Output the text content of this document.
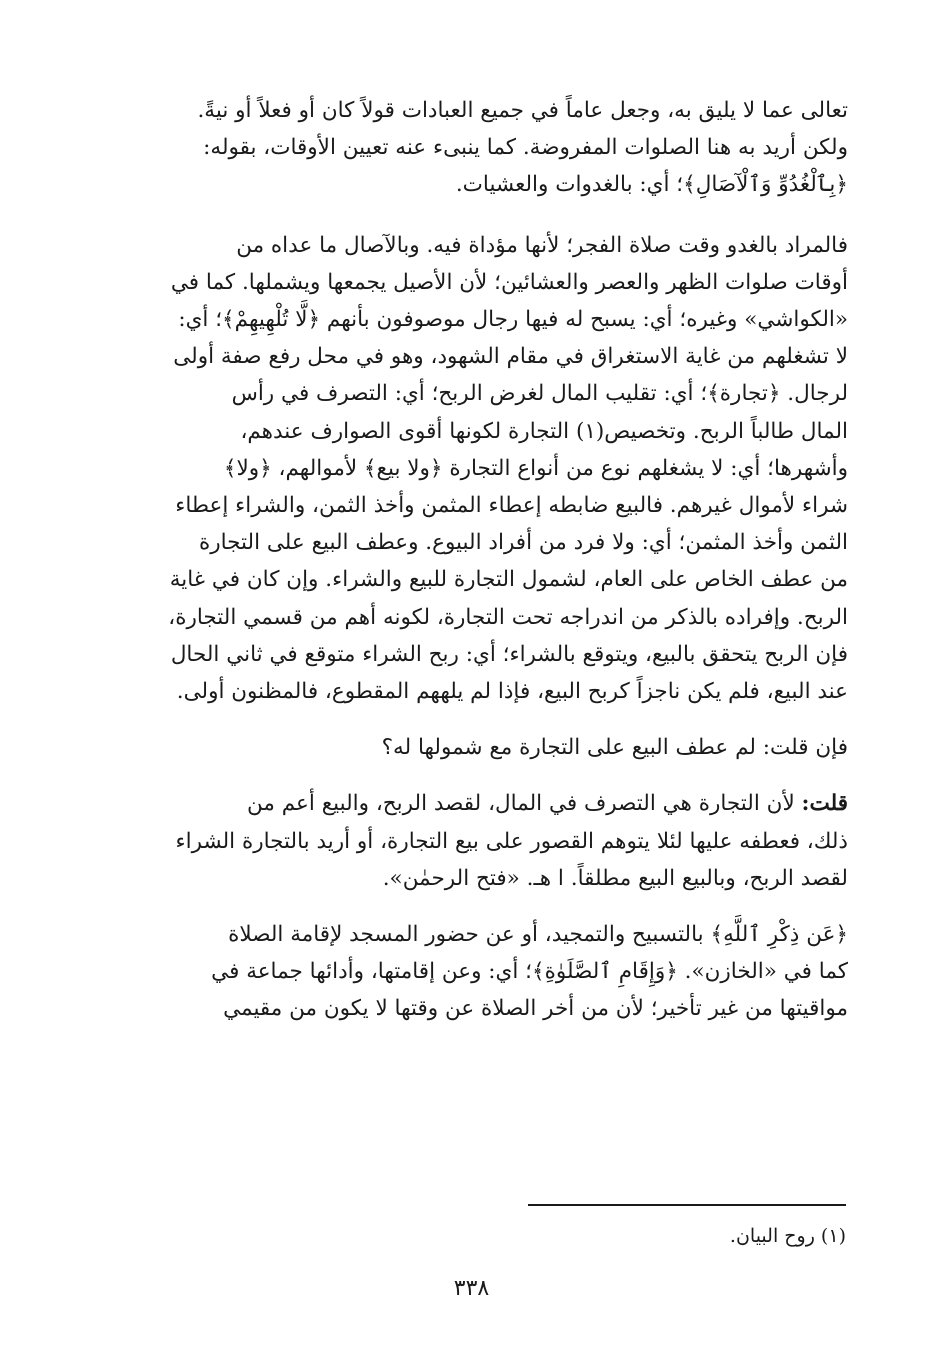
تعالى عما لا يليق به، وجعل عاماً في جميع العبادات قولاً كان أو فعلاً أو نيةً.
ولكن أريد به هنا الصلوات المفروضة. كما ينبىء عنه تعيين الأوقات، بقوله:
﴿بِٱلْغُدُوِّ وَٱلْآصَالِ﴾؛ أي: بالغدوات والعشيات.

فالمراد بالغدو وقت صلاة الفجر؛ لأنها مؤداة فيه. وبالآصال ما عداه من
أوقات صلوات الظهر والعصر والعشائين؛ لأن الأصيل يجمعها ويشملها. كما في
«الكواشي» وغيره؛ أي: يسبح له فيها رجال موصوفون بأنهم ﴿لَّا تُلْهِيهِمْ﴾؛ أي:
لا تشغلهم من غاية الاستغراق في مقام الشهود، وهو في محل رفع صفة أولى
لرجال. ﴿تجارة﴾؛ أي: تقليب المال لغرض الربح؛ أي: التصرف في رأس
المال طالباً الربح. وتخصيص(١) التجارة لكونها أقوى الصوارف عندهم،
وأشهرها؛ أي: لا يشغلهم نوع من أنواع التجارة ﴿ولا بيع﴾ لأموالهم، ﴿ولا﴾
شراء لأموال غيرهم. فالبيع ضابطه إعطاء المثمن وأخذ الثمن، والشراء إعطاء
الثمن وأخذ المثمن؛ أي: ولا فرد من أفراد البيوع. وعطف البيع على التجارة
من عطف الخاص على العام، لشمول التجارة للبيع والشراء. وإن كان في غاية
الربح. وإفراده بالذكر من اندراجه تحت التجارة، لكونه أهم من قسمي التجارة،
فإن الربح يتحقق بالبيع، ويتوقع بالشراء؛ أي: ربح الشراء متوقع في ثاني الحال
عند البيع، فلم يكن ناجزاً كربح البيع، فإذا لم يلههم المقطوع، فالمظنون أولى.

فإن قلت: لم عطف البيع على التجارة مع شمولها له؟

قلت: لأن التجارة هي التصرف في المال، لقصد الربح، والبيع أعم من
ذلك، فعطفه عليها لئلا يتوهم القصور على بيع التجارة، أو أريد بالتجارة الشراء
لقصد الربح، وبالبيع البيع مطلقاً. ا هـ. «فتح الرحمٰن».

﴿عَن ذِكْرِ ٱللَّهِ﴾ بالتسبيح والتمجيد، أو عن حضور المسجد لإقامة الصلاة
كما في «الخازن». ﴿وَإِقَامِ ٱلصَّلَوٰةِ﴾؛ أي: وعن إقامتها، وأدائها جماعة في
مواقيتها من غير تأخير؛ لأن من أخر الصلاة عن وقتها لا يكون من مقيمي

(١) روح البيان.
٣٣٨
